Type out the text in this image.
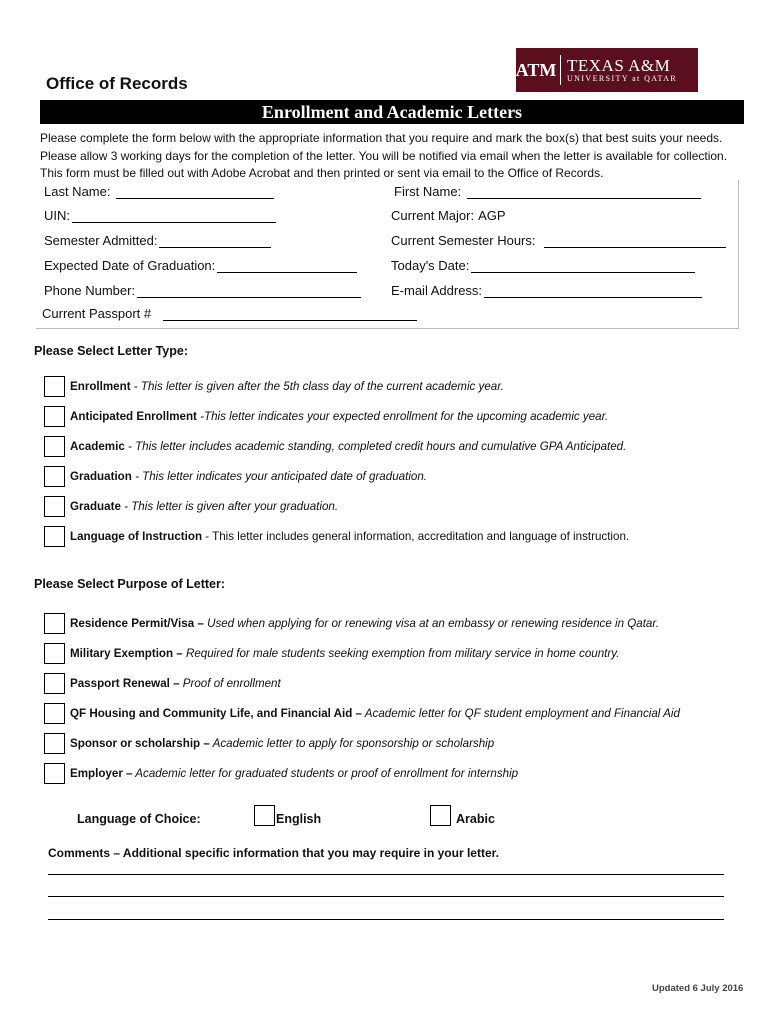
Office of Records
ATM TEXAS A&M
UNIVERSITY at QATAR
Enrollment and Academic Letters
Please complete the form below with the appropriate information that you require and mark the box(s) that best suits your needs. Please allow 3 working days for the completion of the letter. You will be notified via email when the letter is available for collection. This form must be filled out with Adobe Acrobat and then printed or sent via email to the Office of Records.
Last Name:	First Name:
UIN:	Current Major: AGP
Semester Admitted:	Current Semester Hours:
Expected Date of Graduation:	Today's Date:
Phone Number:	E-mail Address:
Current Passport #
Please Select Letter Type:
Enrollment - This letter is given after the 5th class day of the current academic year.
Anticipated Enrollment -This letter indicates your expected enrollment for the upcoming academic year.
Academic - This letter includes academic standing, completed credit hours and cumulative GPA Anticipated.
Graduation - This letter indicates your anticipated date of graduation.
Graduate - This letter is given after your graduation.
Language of Instruction - This letter includes general information, accreditation and language of instruction.
Please Select Purpose of Letter:
Residence Permit/Visa – Used when applying for or renewing visa at an embassy or renewing residence in Qatar.
Military Exemption – Required for male students seeking exemption from military service in home country.
Passport Renewal – Proof of enrollment
QF Housing and Community Life, and Financial Aid – Academic letter for QF student employment and Financial Aid
Sponsor or scholarship – Academic letter to apply for sponsorship or scholarship
Employer – Academic letter for graduated students or proof of enrollment for internship
Language of Choice:	English	Arabic
Comments – Additional specific information that you may require in your letter.
Updated 6 July 2016
